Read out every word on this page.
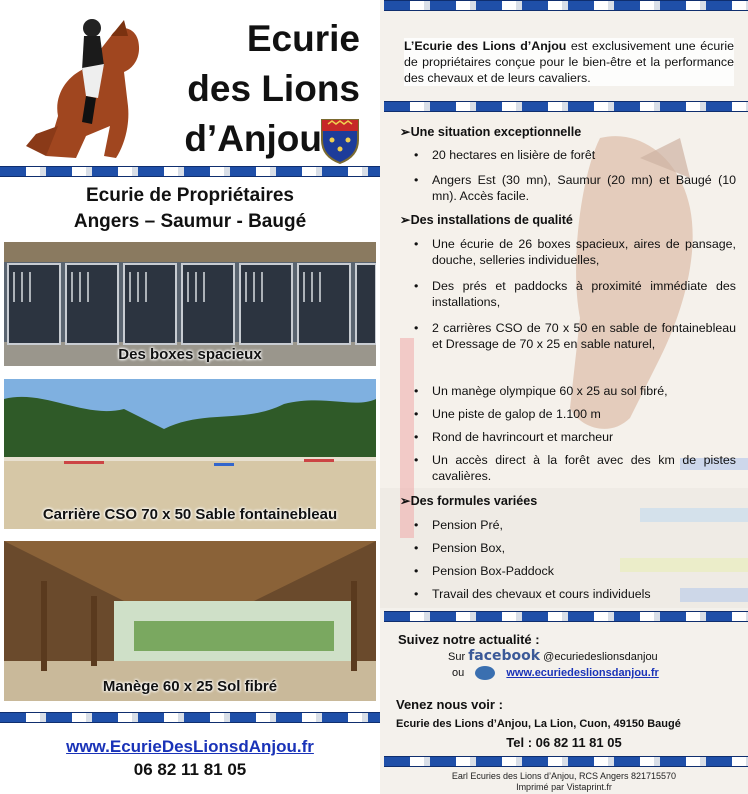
Ecurie
des Lions
d’Anjou
Ecurie de Propriétaires
Angers – Saumur - Baugé
Des boxes spacieux
Carrière CSO 70 x 50 Sable fontainebleau
Manège 60 x 25 Sol fibré
www.EcurieDesLionsdAnjou.fr
06 82 11 81 05
L’Ecurie des Lions d’Anjou est exclusivement une écurie de propriétaires conçue pour le bien-être et la performance des chevaux et de leurs cavaliers.
➢Une situation exceptionnelle
• 20 hectares en lisière de forêt
• Angers Est (30 mn), Saumur (20 mn) et Baugé (10 mn). Accès facile.
➢Des installations de qualité
• Une écurie de 26 boxes spacieux, aires de pansage, douche, selleries individuelles,
• Des prés et paddocks à proximité immédiate des installations,
• 2 carrières CSO de 70 x 50 en sable de fontainebleau et Dressage de 70 x 25 en sable naturel,
• Un manège olympique 60 x 25 au sol fibré,
• Une piste de galop de 1.100 m
• Rond de havrincourt et marcheur
• Un accès direct à la forêt avec des km de pistes cavalières.
➢Des formules variées
• Pension Pré,
• Pension Box,
• Pension Box-Paddock
• Travail des chevaux et cours individuels
Suivez notre actualité :
Sur facebook @ecuriedeslionsdanjou
ou	www.ecuriedeslionsdanjou.fr
Venez nous voir :
Ecurie des Lions d’Anjou, La Lion, Cuon, 49150 Baugé
Tel : 06 82 11 81 05
Earl Ecuries des Lions d’Anjou, RCS Angers 821715570
Imprimé par Vistaprint.fr
